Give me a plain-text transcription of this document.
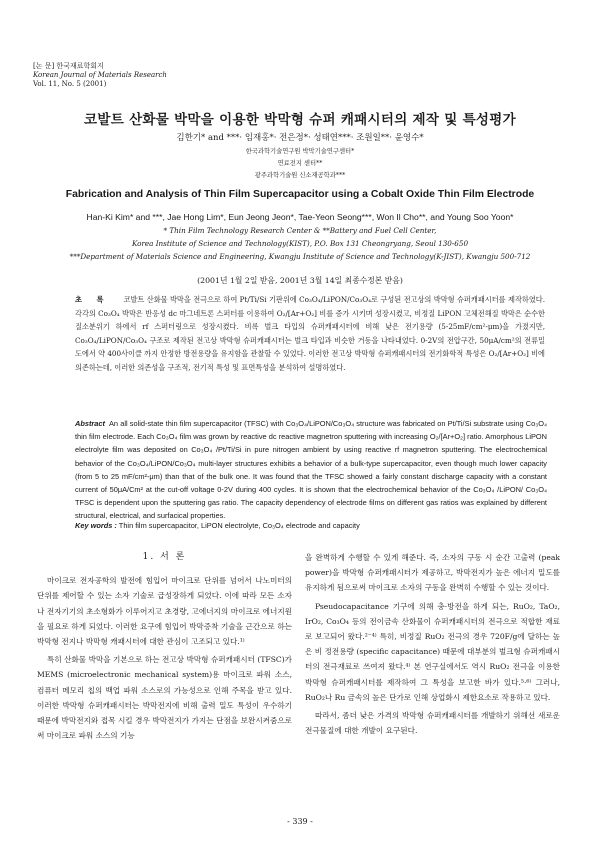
[논 문] 한국재료학회지
Korean Journal of Materials Research
Vol. 11, No. 5 (2001)
코발트 산화물 박막을 이용한 박막형 슈퍼 캐패시터의 제작 및 특성평가
김한기* and ***· 임재홍*· 전은정*· 성태연***· 조원일**· 윤영수*
한국과학기술연구원 박막기술연구센터*
연료전지 센터**
광주과학기술원 신소재공학과***
Fabrication and Analysis of Thin Film Supercapacitor using a Cobalt Oxide Thin Film Electrode
Han-Ki Kim* and ***, Jae Hong Lim*, Eun Jeong Jeon*, Tae-Yeon Seong***, Won Il Cho**, and Young Soo Yoon*
* Thin Film Technology Research Center & **Battery and Fuel Cell Center,
Korea Institute of Science and Technology(KIST), P.O. Box 131 Cheongryang, Seoul 130-650
***Department of Materials Science and Engineering, Kwangju Institute of Science and Technology(K-JIST), Kwangju 500-712
(2001년 1월 2일 받음, 2001년 3월 14일 최종수정본 받음)
초 록 코발트 산화물 박막을 전극으로 하여 Pt/Ti/Si 기판위에 Co₃O₄/LiPON/Co₃O₄로 구성된 전고상의 박막형 슈퍼캐패시터를 제작하였다. 각각의 Co₃O₄ 박막은 반응성 dc 마그네트론 스퍼터를 이용하여 O₂/[Ar+O₂] 비를 증가 시키며 성장시켰고, 비정질 LiPON 고체전해질 박막은 순수한 질소분위기 하에서 rf 스퍼터링으로 성장시켰다. 비록 벌크 타입의 슈퍼캐패시터에 비해 낮은 전기용량 (5-25mF/cm²-μm)을 가졌지만, Co₃O₄/LiPON/Co₃O₄ 구조로 제작된 전고상 박막형 슈퍼캐패시터는 벌크 타입과 비슷한 거동을 나타내었다. 0-2V의 전압구간, 50μA/cm²의 전류밀도에서 약 400사이클 까지 안정한 방전용량을 유지함을 관찰할 수 있었다. 이러한 전고상 박막형 슈퍼캐패시터의 전기화학적 특성은 O₂/[Ar+O₂] 비에 의존하는데, 이러한 의존성을 구조적, 전기적 특성 및 표면특성을 분석하여 설명하였다.
Abstract An all solid-state thin film supercapacitor (TFSC) with Co₃O₄/LiPON/Co₃O₄ structure was fabricated on Pt/Ti/Si substrate using Co₃O₄ thin film electrode. Each Co₃O₄ film was grown by reactive dc reactive magnetron sputtering with increasing O₂/[Ar+O₂] ratio. Amorphous LiPON electrolyte film was deposited on Co₃O₄ /Pt/Ti/Si in pure nitrogen ambient by using reactive rf magnetron sputtering. The electrochemical behavior of the Co₃O₄/LiPON/Co₃O₄ multi-layer structures exhibits a behavior of a bulk-type supercapacitor, even though much lower capacity (from 5 to 25 mF/cm²-μm) than that of the bulk one. It was found that the TFSC showed a fairly constant discharge capacity with a constant current of 50μA/Cm² at the cut-off voltage 0-2V during 400 cycles. It is shown that the electrochemical behavior of the Co₃O₄ /LiPON/ Co₃O₄ TFSC is dependent upon the sputtering gas ratio. The capacity dependency of electrode films on different gas ratios was explained by different structural, electrical, and surfacical properties.
Key words : Thin film supercapacitor, LiPON electrolyte, Co₃O₄ electrode and capacity
1. 서 론

마이크로 전자공학의 발전에 힘입어 마이크로 단위를 넘어서 나노미터의 단위를 제어할 수 있는 소자 기술로 급성장하게 되었다. 이에 따라 모든 소자나 전자기기의 초소형화가 이루어지고 초경량, 고에너지의 마이크로 에너지원을 필요로 하게 되었다. 이러한 요구에 힘입어 박막증착 기술을 근간으로 하는 박막형 전지나 박막형 캐패시터에 대한 관심이 고조되고 있다.¹⁾

특히 산화물 박막을 기본으로 하는 전고상 박막형 슈퍼캐패시터 (TFSC)가 MEMS (microelectronic mechanical system)용 마이크로 파워 소스, 컴퓨터 메모리 칩의 백업 파워 소스로의 가능성으로 인해 주목을 받고 있다. 이러한 박막형 슈퍼캐패시터는 박막전지에 비해 출력 밀도 특성이 우수하기 때문에 박막전지와 접목 시킬 경우 박막전지가 가지는 단점을 보완시켜줌으로써 마이크로 파워 소스의 기능

을 완벽하게 수행할 수 있게 해준다. 즉, 소자의 구동 시 순간 고출력 (peak power)을 박막형 슈퍼캐패시터가 제공하고, 박막전지가 높은 에너지 밀도를 유지하게 됨으로써 마이크로 소자의 구동을 완벽히 수행할 수 있는 것이다.

Pseudocapacitance 기구에 의해 충·방전을 하게 되는, RuO₂, TaO₂, IrO₂, Co₃O₄ 등의 전이금속 산화물이 슈퍼캐패시터의 전극으로 적합한 재료로 보고되어 왔다.²⁻⁴⁾ 특히, 비정질 RuO₂ 전극의 경우 720F/g에 달하는 높은 비 정전용량 (specific capacitance) 때문에 대부분의 벌크형 슈퍼캐패시터의 전극재료로 쓰여져 왔다.⁴⁾ 본 연구실에서도 역시 RuO₂ 전극을 이용한 박막형 슈퍼캐패시터를 제작하여 그 특성을 보고한 바가 있다.⁵·⁶⁾ 그러나, RuO₂나 Ru 금속의 높은 단가로 인해 상업화시 제한요소로 작용하고 있다.

따라서, 좀더 낮은 가격의 박막형 슈퍼캐패시터를 개발하기 위해선 새로운 전극물질에 대한 개발이 요구된다.

- 339 -
